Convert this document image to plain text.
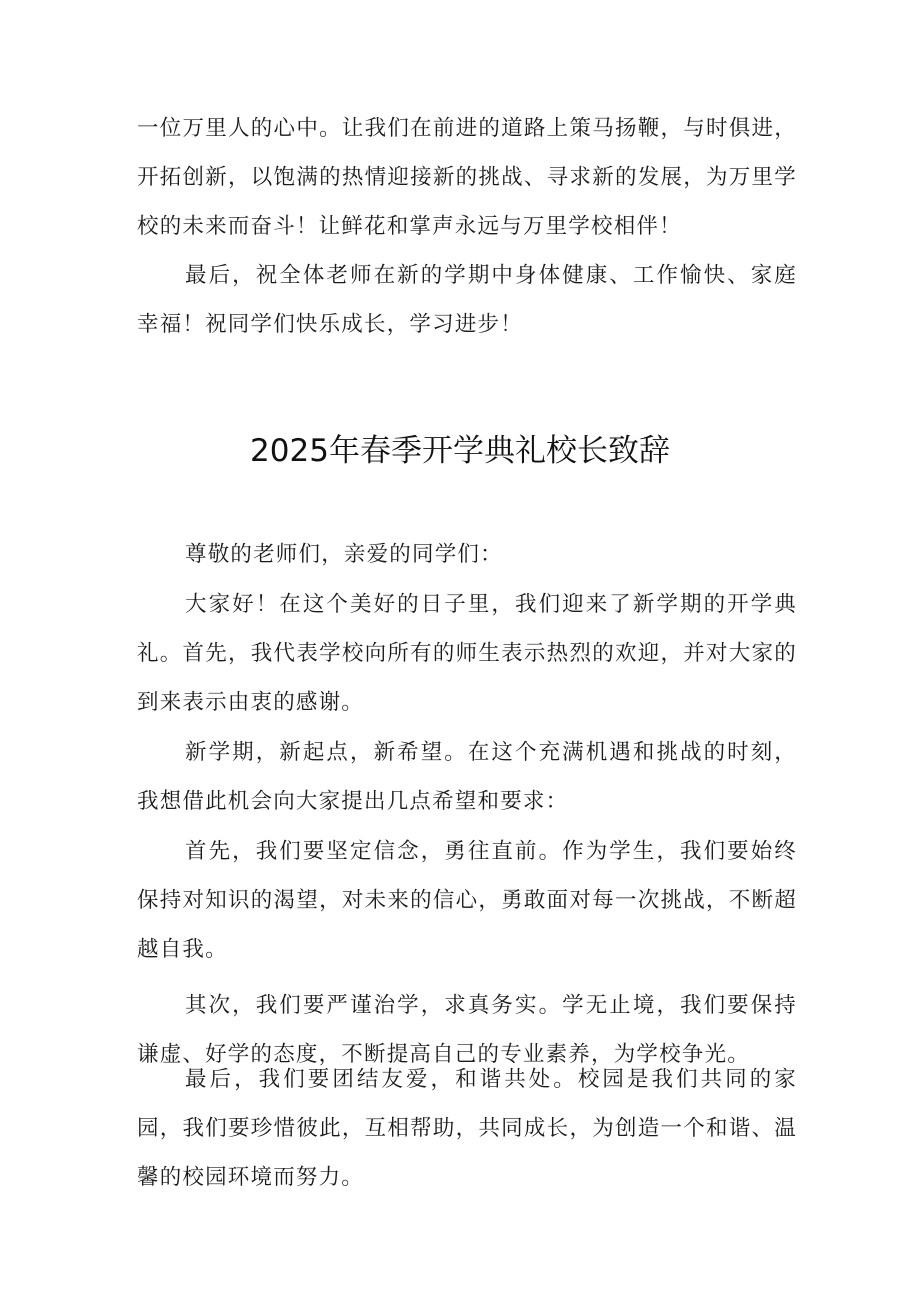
一位万里人的心中。让我们在前进的道路上策马扬鞭，与时俱进，开拓创新，以饱满的热情迎接新的挑战、寻求新的发展，为万里学校的未来而奋斗！让鲜花和掌声永远与万里学校相伴！

最后，祝全体老师在新的学期中身体健康、工作愉快、家庭幸福！祝同学们快乐成长，学习进步！

2025年春季开学典礼校长致辞

尊敬的老师们，亲爱的同学们：

大家好！在这个美好的日子里，我们迎来了新学期的开学典礼。首先，我代表学校向所有的师生表示热烈的欢迎，并对大家的到来表示由衷的感谢。

新学期，新起点，新希望。在这个充满机遇和挑战的时刻，我想借此机会向大家提出几点希望和要求：

首先，我们要坚定信念，勇往直前。作为学生，我们要始终保持对知识的渴望，对未来的信心，勇敢面对每一次挑战，不断超越自我。

其次，我们要严谨治学，求真务实。学无止境，我们要保持谦虚、好学的态度，不断提高自己的专业素养，为学校争光。

最后，我们要团结友爱，和谐共处。校园是我们共同的家园，我们要珍惜彼此，互相帮助，共同成长，为创造一个和谐、温馨的校园环境而努力。
